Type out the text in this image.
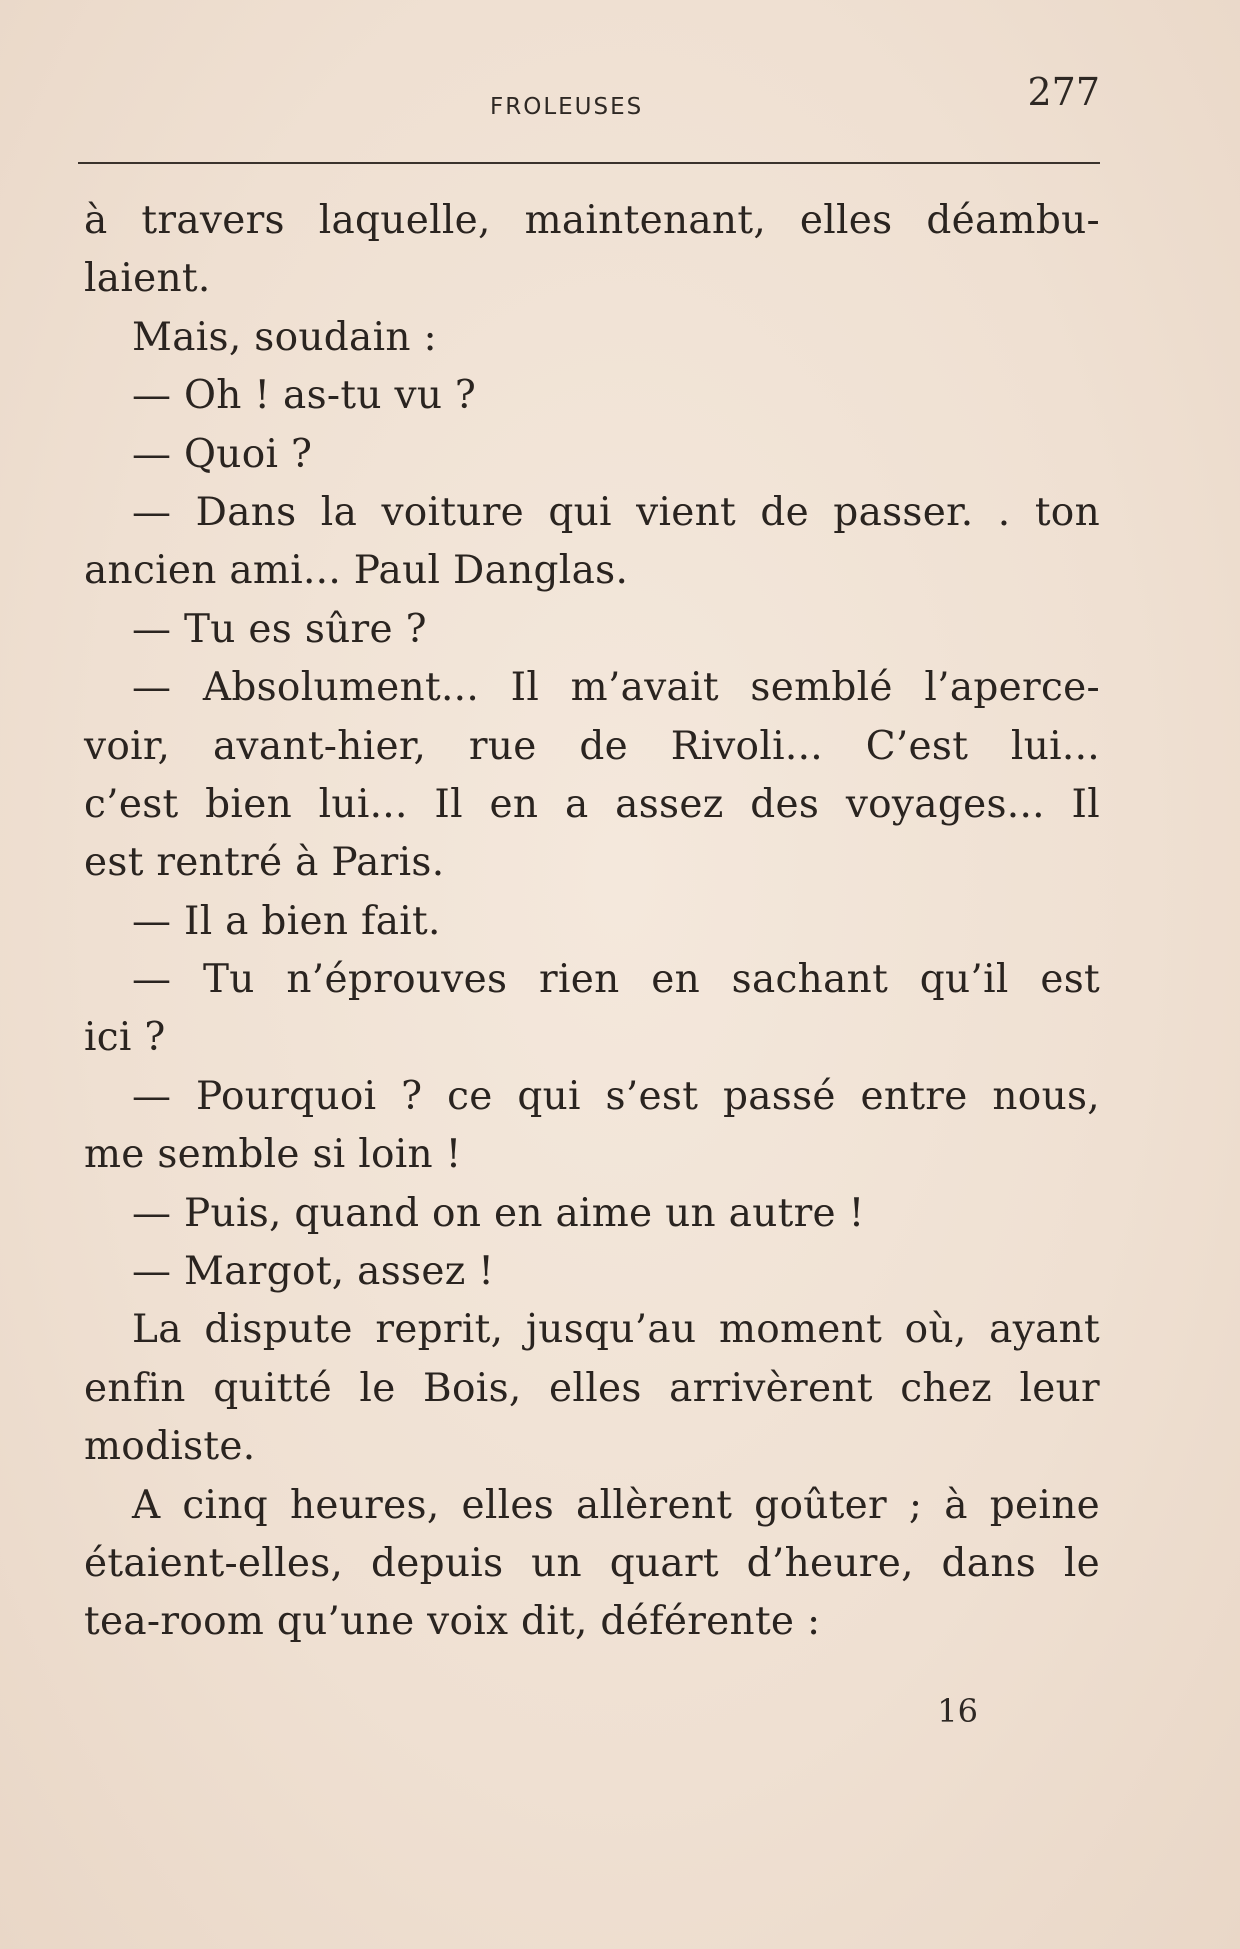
FROLEUSES	277
à travers laquelle, maintenant, elles déambu-
laient.
Mais, soudain :
— Oh ! as-tu vu ?
— Quoi ?
— Dans la voiture qui vient de passer. . ton
ancien ami... Paul Danglas.
— Tu es sûre ?
— Absolument... Il m’avait semblé l’aperce-
voir, avant-hier, rue de Rivoli... C’est lui...
c’est bien lui... Il en a assez des voyages... Il
est rentré à Paris.
— Il a bien fait.
— Tu n’éprouves rien en sachant qu’il est
ici ?
— Pourquoi ? ce qui s’est passé entre nous,
me semble si loin !
— Puis, quand on en aime un autre !
— Margot, assez !
La dispute reprit, jusqu’au moment où, ayant
enfin quitté le Bois, elles arrivèrent chez leur
modiste.
A cinq heures, elles allèrent goûter ; à peine
étaient-elles, depuis un quart d’heure, dans le
tea-room qu’une voix dit, déférente :
16
